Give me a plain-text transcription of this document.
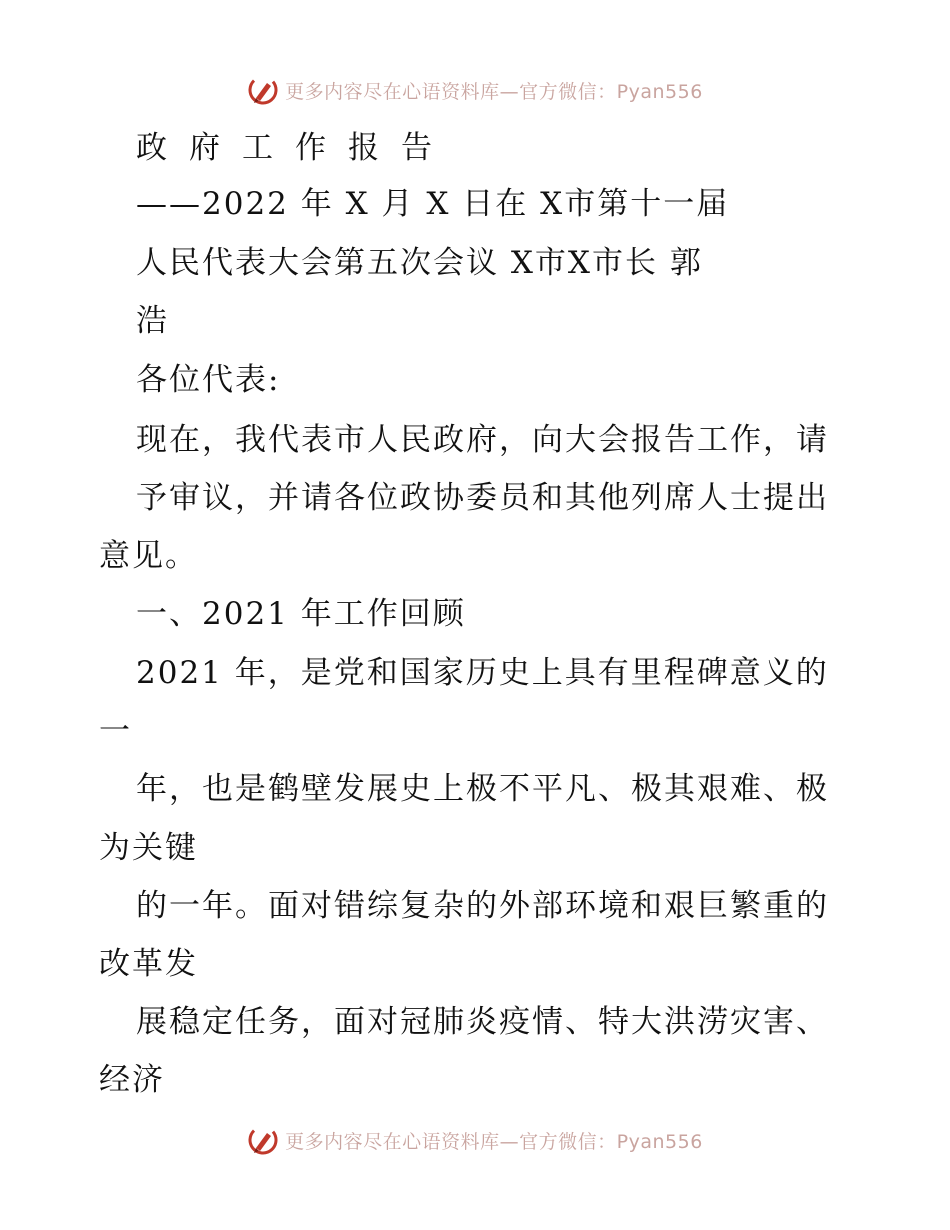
更多内容尽在心语资料库—官方微信：Pyan556
政府工作报告
——2022 年 X 月 X 日在 X市第十一届
人民代表大会第五次会议 X市X市长 郭
浩
各位代表:
现在，我代表市人民政府，向大会报告工作，请
予审议，并请各位政协委员和其他列席人士提出
意见。
一、2021 年工作回顾
2021 年，是党和国家历史上具有里程碑意义的
一
年，也是鹤壁发展史上极不平凡、极其艰难、极
为关键
的一年。面对错综复杂的外部环境和艰巨繁重的
改革发
展稳定任务，面对冠肺炎疫情、特大洪涝灾害、
经济
更多内容尽在心语资料库—官方微信：Pyan556
